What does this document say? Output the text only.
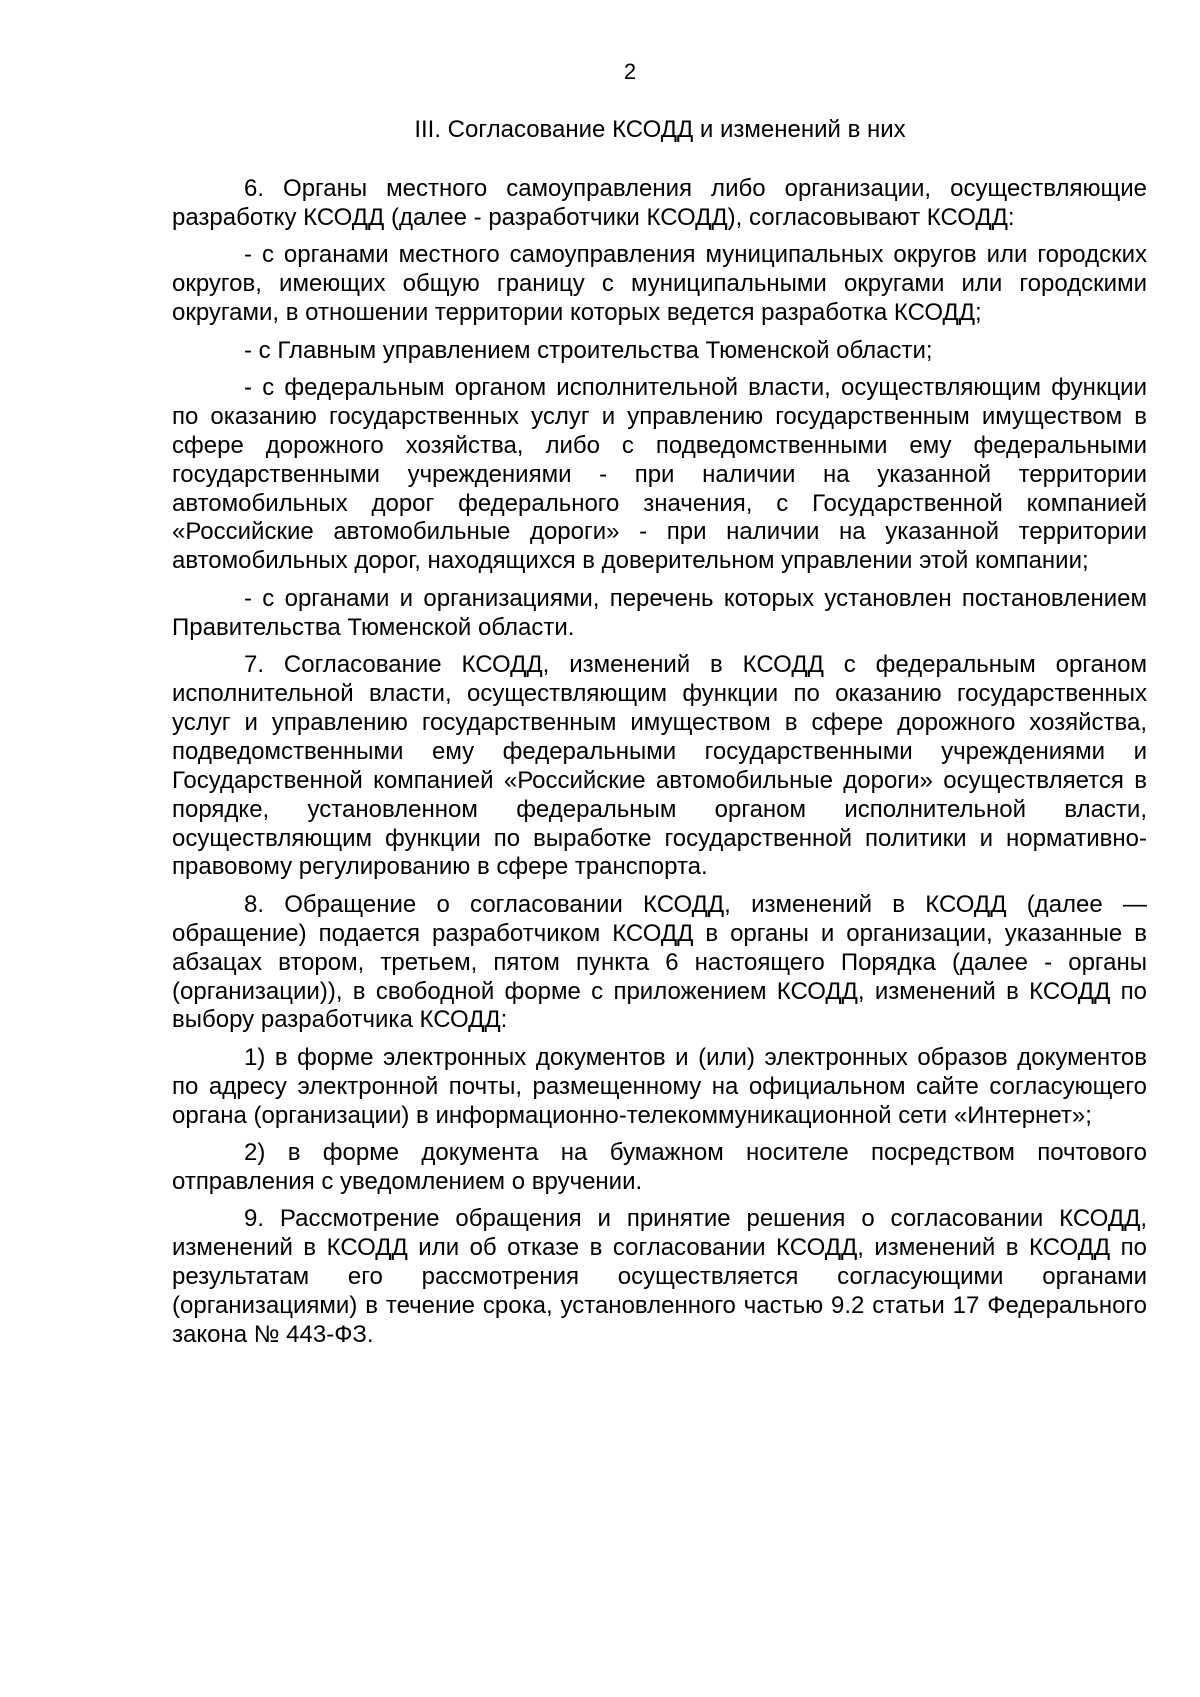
2
III. Согласование КСОДД и изменений в них

6. Органы местного самоуправления либо организации, осуществляющие разработку КСОДД (далее - разработчики КСОДД), согласовывают КСОДД:

- с органами местного самоуправления муниципальных округов или городских округов, имеющих общую границу с муниципальными округами или городскими округами, в отношении территории которых ведется разработка КСОДД;

- с Главным управлением строительства Тюменской области;

- с федеральным органом исполнительной власти, осуществляющим функции по оказанию государственных услуг и управлению государственным имуществом в сфере дорожного хозяйства, либо с подведомственными ему федеральными государственными учреждениями - при наличии на указанной территории автомобильных дорог федерального значения, с Государственной компанией «Российские автомобильные дороги» - при наличии на указанной территории автомобильных дорог, находящихся в доверительном управлении этой компании;

- с органами и организациями, перечень которых установлен постановлением Правительства Тюменской области.

7. Согласование КСОДД, изменений в КСОДД с федеральным органом исполнительной власти, осуществляющим функции по оказанию государственных услуг и управлению государственным имуществом в сфере дорожного хозяйства, подведомственными ему федеральными государственными учреждениями и Государственной компанией «Российские автомобильные дороги» осуществляется в порядке, установленном федеральным органом исполнительной власти, осуществляющим функции по выработке государственной политики и нормативно-правовому регулированию в сфере транспорта.

8. Обращение о согласовании КСОДД, изменений в КСОДД (далее — обращение) подается разработчиком КСОДД в органы и организации, указанные в абзацах втором, третьем, пятом пункта 6 настоящего Порядка (далее - органы (организации)), в свободной форме с приложением КСОДД, изменений в КСОДД по выбору разработчика КСОДД:

1) в форме электронных документов и (или) электронных образов документов по адресу электронной почты, размещенному на официальном сайте согласующего органа (организации) в информационно-телекоммуникационной сети «Интернет»;

2) в форме документа на бумажном носителе посредством почтового отправления с уведомлением о вручении.

9. Рассмотрение обращения и принятие решения о согласовании КСОДД, изменений в КСОДД или об отказе в согласовании КСОДД, изменений в КСОДД по результатам его рассмотрения осуществляется согласующими органами (организациями) в течение срока, установленного частью 9.2 статьи 17 Федерального закона № 443-ФЗ.
